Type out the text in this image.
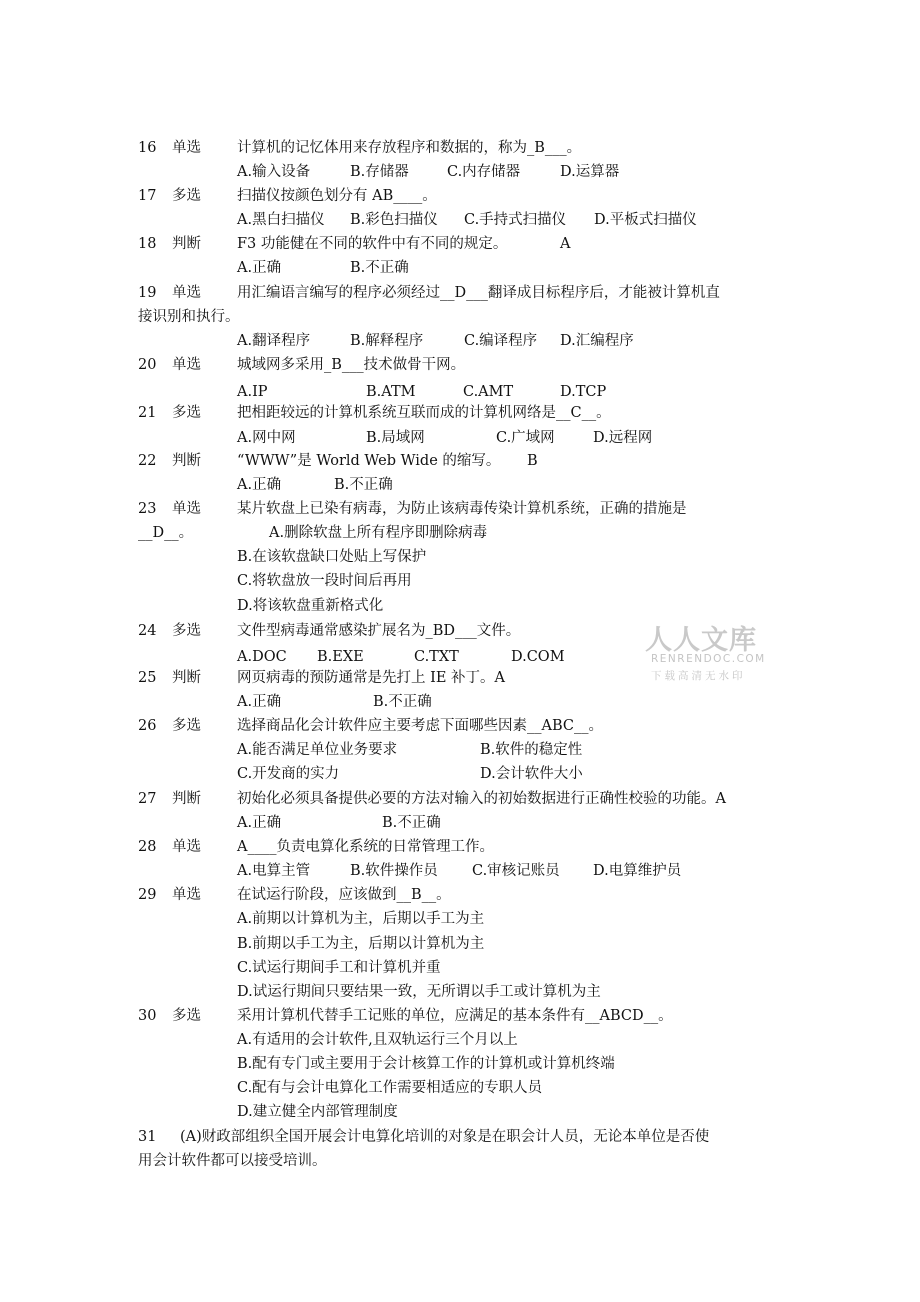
16 单选 计算机的记忆体用来存放程序和数据的，称为_B___。
A.输入设备	B.存储器	C.内存储器	D.运算器
17 多选 扫描仪按颜色划分有 AB____。
A.黑白扫描仪 B.彩色扫描仪 C.手持式扫描仪 D.平板式扫描仪
18 判断 F3 功能健在不同的软件中有不同的规定。	A
A.正确	B.不正确
19 单选 用汇编语言编写的程序必须经过__D___翻译成目标程序后，才能被计算机直
接识别和执行。
A.翻译程序	B.解释程序	C.编译程序 D.汇编程序
20 单选 城域网多采用_B___技术做骨干网。
A.IP	B.ATM	C.AMT	D.TCP
21 多选 把相距较远的计算机系统互联而成的计算机网络是__C__。
A.网中网	B.局域网	C.广域网	D.远程网
22 判断 “WWW”是 World Web Wide 的缩写。 B
A.正确	B.不正确
23 单选 某片软盘上已染有病毒，为防止该病毒传染计算机系统，正确的措施是
__D__。	A.删除软盘上所有程序即删除病毒
B.在该软盘缺口处贴上写保护
C.将软盘放一段时间后再用
D.将该软盘重新格式化
24 多选 文件型病毒通常感染扩展名为_BD___文件。
A.DOC B.EXE	C.TXT	D.COM
25 判断 网页病毒的预防通常是先打上 IE 补丁。A
A.正确	B.不正确
26 多选 选择商品化会计软件应主要考虑下面哪些因素__ABC__。
A.能否满足单位业务要求	B.软件的稳定性
C.开发商的实力	D.会计软件大小
27 判断 初始化必须具备提供必要的方法对输入的初始数据进行正确性校验的功能。A
A.正确	B.不正确
28 单选 A____负责电算化系统的日常管理工作。
A.电算主管	B.软件操作员 C.审核记账员 D.电算维护员
29 单选 在试运行阶段，应该做到__B__。
A.前期以计算机为主，后期以手工为主
B.前期以手工为主，后期以计算机为主
C.试运行期间手工和计算机并重
D.试运行期间只要结果一致，无所谓以手工或计算机为主
30 多选 采用计算机代替手工记账的单位，应满足的基本条件有__ABCD__。
A.有适用的会计软件,且双轨运行三个月以上
B.配有专门或主要用于会计核算工作的计算机或计算机终端
C.配有与会计电算化工作需要相适应的专职人员
D.建立健全内部管理制度
31 (A)财政部组织全国开展会计电算化培训的对象是在职会计人员，无论本单位是否使
用会计软件都可以接受培训。
人人文库
RENRENDOC.COM
下载高清无水印
